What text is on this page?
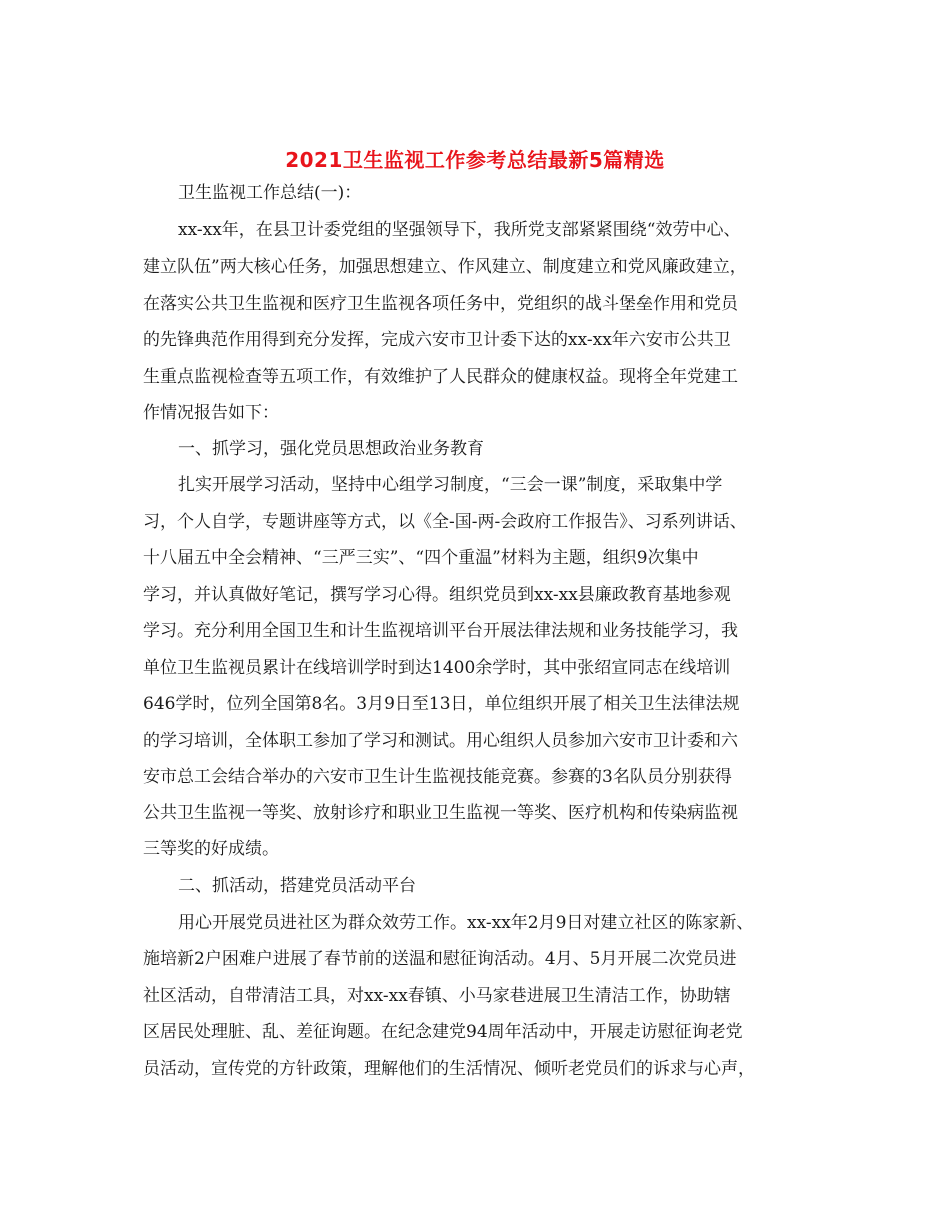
2021卫生监视工作参考总结最新5篇精选
卫生监视工作总结(一)：
xx-xx年，在县卫计委党组的坚强领导下，我所党支部紧紧围绕“效劳中心、
建立队伍”两大核心任务，加强思想建立、作风建立、制度建立和党风廉政建立，
在落实公共卫生监视和医疗卫生监视各项任务中，党组织的战斗堡垒作用和党员
的先锋典范作用得到充分发挥，完成六安市卫计委下达的xx-xx年六安市公共卫
生重点监视检查等五项工作，有效维护了人民群众的健康权益。现将全年党建工
作情况报告如下：
一、抓学习，强化党员思想政治业务教育
扎实开展学习活动，坚持中心组学习制度，“三会一课”制度，采取集中学
习，个人自学，专题讲座等方式，以《全-国-两-会政府工作报告》、习系列讲话、
十八届五中全会精神、“三严三实”、“四个重温”材料为主题，组织9次集中
学习，并认真做好笔记，撰写学习心得。组织党员到xx-xx县廉政教育基地参观
学习。充分利用全国卫生和计生监视培训平台开展法律法规和业务技能学习，我
单位卫生监视员累计在线培训学时到达1400余学时，其中张绍宣同志在线培训
646学时，位列全国第8名。3月9日至13日，单位组织开展了相关卫生法律法规
的学习培训，全体职工参加了学习和测试。用心组织人员参加六安市卫计委和六
安市总工会结合举办的六安市卫生计生监视技能竞赛。参赛的3名队员分别获得
公共卫生监视一等奖、放射诊疗和职业卫生监视一等奖、医疗机构和传染病监视
三等奖的好成绩。
二、抓活动，搭建党员活动平台
用心开展党员进社区为群众效劳工作。xx-xx年2月9日对建立社区的陈家新、
施培新2户困难户进展了春节前的送温和慰征询活动。4月、5月开展二次党员进
社区活动，自带清洁工具，对xx-xx春镇、小马家巷进展卫生清洁工作，协助辖
区居民处理脏、乱、差征询题。在纪念建党94周年活动中，开展走访慰征询老党
员活动，宣传党的方针政策，理解他们的生活情况、倾听老党员们的诉求与心声，
